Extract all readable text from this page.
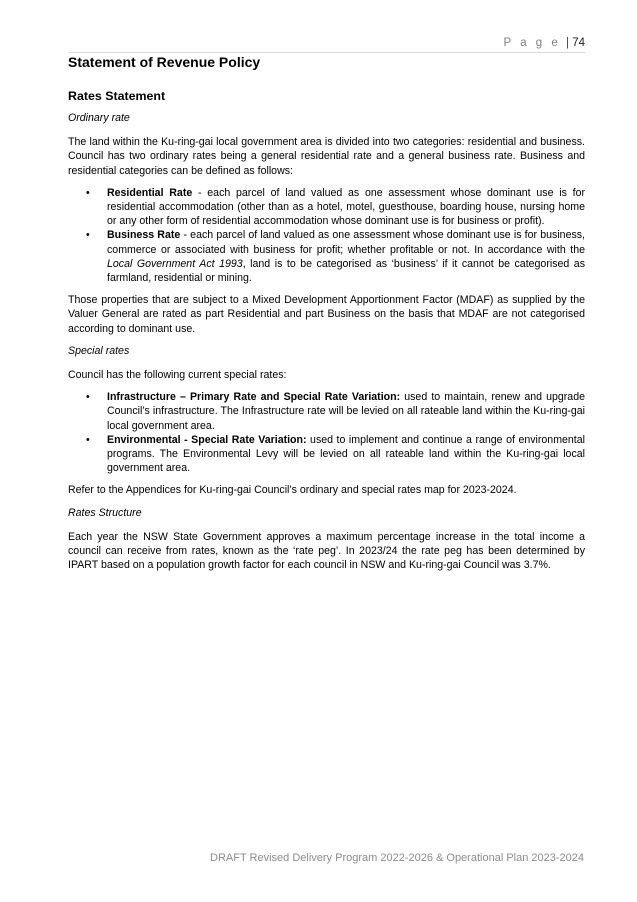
P a g e | 74
Statement of Revenue Policy
Rates Statement

Ordinary rate

The land within the Ku-ring-gai local government area is divided into two categories: residential and business. Council has two ordinary rates being a general residential rate and a general business rate. Business and residential categories can be defined as follows:

• Residential Rate - each parcel of land valued as one assessment whose dominant use is for residential accommodation (other than as a hotel, motel, guesthouse, boarding house, nursing home or any other form of residential accommodation whose dominant use is for business or profit).
• Business Rate - each parcel of land valued as one assessment whose dominant use is for business, commerce or associated with business for profit; whether profitable or not. In accordance with the Local Government Act 1993, land is to be categorised as ‘business’ if it cannot be categorised as farmland, residential or mining.

Those properties that are subject to a Mixed Development Apportionment Factor (MDAF) as supplied by the Valuer General are rated as part Residential and part Business on the basis that MDAF are not categorised according to dominant use.

Special rates

Council has the following current special rates:

• Infrastructure – Primary Rate and Special Rate Variation: used to maintain, renew and upgrade Council’s infrastructure. The Infrastructure rate will be levied on all rateable land within the Ku-ring-gai local government area.
• Environmental - Special Rate Variation: used to implement and continue a range of environmental programs. The Environmental Levy will be levied on all rateable land within the Ku-ring-gai local government area.

Refer to the Appendices for Ku-ring-gai Council’s ordinary and special rates map for 2023-2024.

Rates Structure

Each year the NSW State Government approves a maximum percentage increase in the total income a council can receive from rates, known as the ‘rate peg’. In 2023/24 the rate peg has been determined by IPART based on a population growth factor for each council in NSW and Ku-ring-gai Council was 3.7%.

DRAFT Revised Delivery Program 2022-2026 & Operational Plan 2023-2024
